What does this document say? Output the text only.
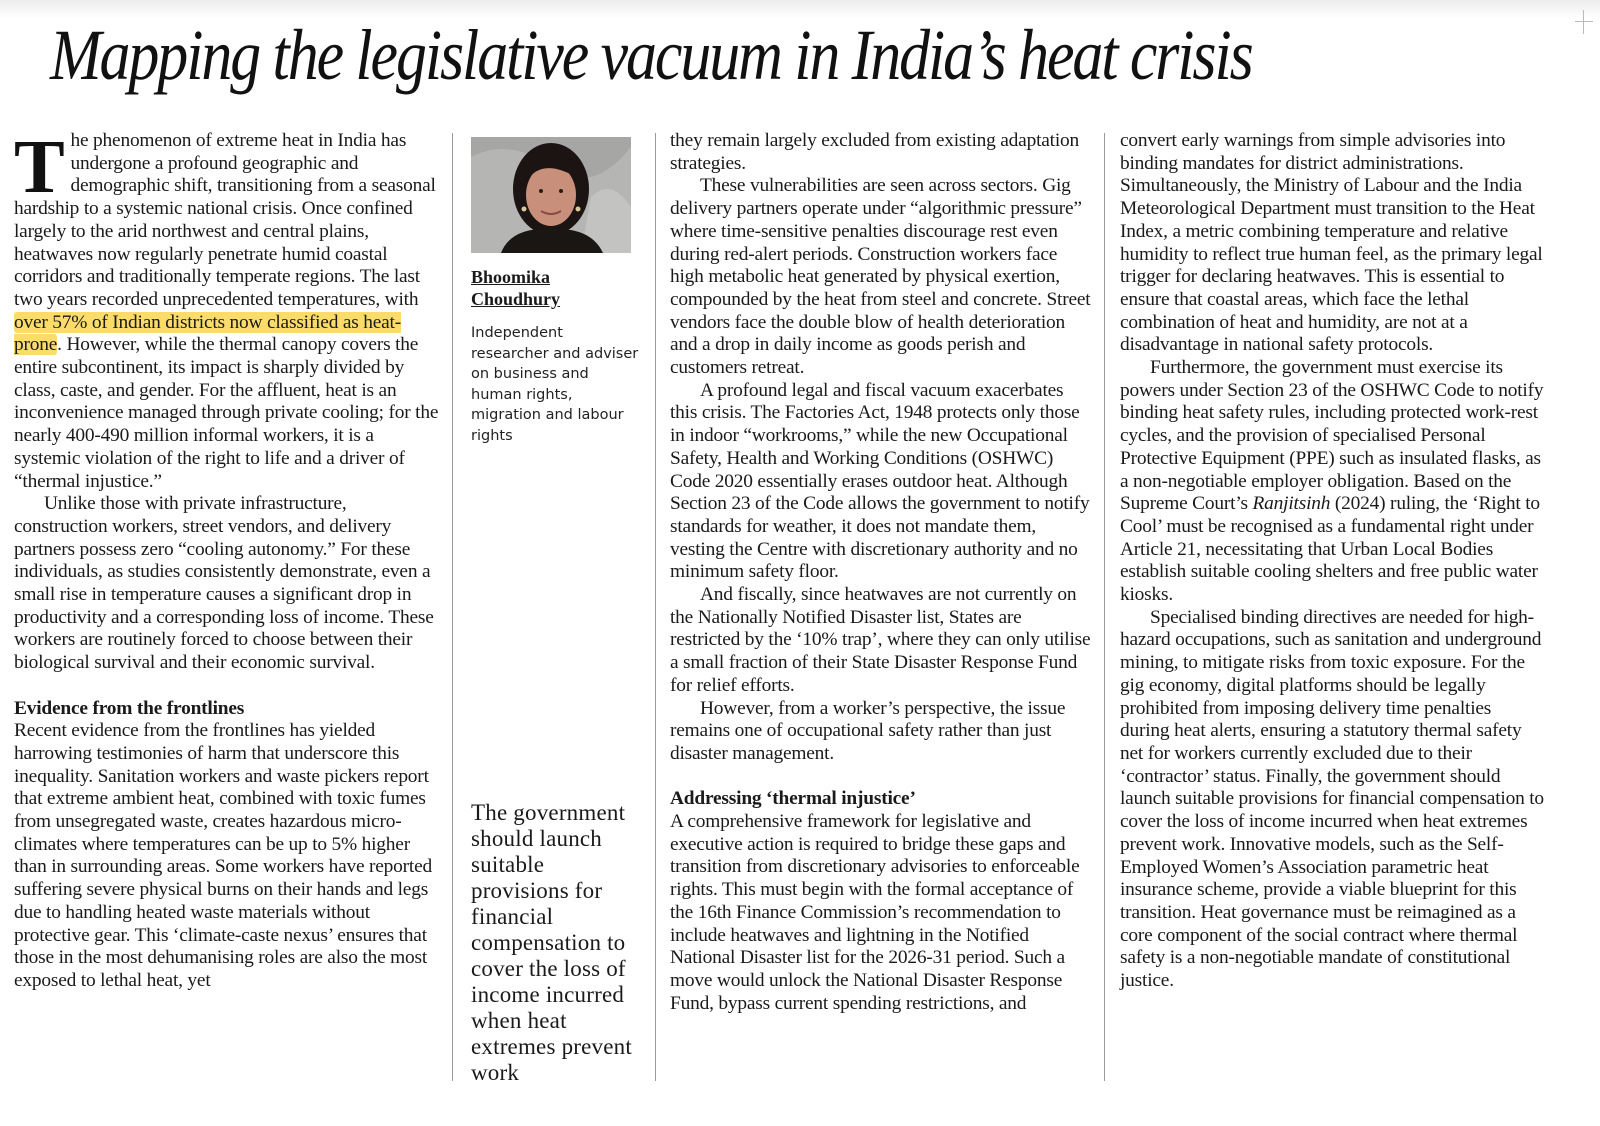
Mapping the legislative vacuum in India’s heat crisis

The phenomenon of extreme heat in India has undergone a profound geographic and demographic shift, transitioning from a seasonal hardship to a systemic national crisis. Once confined largely to the arid northwest and central plains, heatwaves now regularly penetrate humid coastal corridors and traditionally temperate regions. The last two years recorded unprecedented temperatures, with over 57% of Indian districts now classified as heat-prone. However, while the thermal canopy covers the entire subcontinent, its impact is sharply divided by class, caste, and gender. For the affluent, heat is an inconvenience managed through private cooling; for the nearly 400-490 million informal workers, it is a systemic violation of the right to life and a driver of “thermal injustice.”

Unlike those with private infrastructure, construction workers, street vendors, and delivery partners possess zero “cooling autonomy.” For these individuals, as studies consistently demonstrate, even a small rise in temperature causes a significant drop in productivity and a corresponding loss of income. These workers are routinely forced to choose between their biological survival and their economic survival.

Evidence from the frontlines

Recent evidence from the frontlines has yielded harrowing testimonies of harm that underscore this inequality. Sanitation workers and waste pickers report that extreme ambient heat, combined with toxic fumes from unsegregated waste, creates hazardous micro-climates where temperatures can be up to 5% higher than in surrounding areas. Some workers have reported suffering severe physical burns on their hands and legs due to handling heated waste materials without protective gear. This ‘climate-caste nexus’ ensures that those in the most dehumanising roles are also the most exposed to lethal heat, yet

Bhoomika
Choudhury
Independent researcher and adviser on business and human rights, migration and labour rights
The government should launch suitable provisions for financial compensation to cover the loss of income incurred when heat extremes prevent work

they remain largely excluded from existing adaptation strategies.

These vulnerabilities are seen across sectors. Gig delivery partners operate under “algorithmic pressure” where time-sensitive penalties discourage rest even during red-alert periods. Construction workers face high metabolic heat generated by physical exertion, compounded by the heat from steel and concrete. Street vendors face the double blow of health deterioration and a drop in daily income as goods perish and customers retreat.

A profound legal and fiscal vacuum exacerbates this crisis. The Factories Act, 1948 protects only those in indoor “workrooms,” while the new Occupational Safety, Health and Working Conditions (OSHWC) Code 2020 essentially erases outdoor heat. Although Section 23 of the Code allows the government to notify standards for weather, it does not mandate them, vesting the Centre with discretionary authority and no minimum safety floor.

And fiscally, since heatwaves are not currently on the Nationally Notified Disaster list, States are restricted by the ‘10% trap’, where they can only utilise a small fraction of their State Disaster Response Fund for relief efforts.

However, from a worker’s perspective, the issue remains one of occupational safety rather than just disaster management.

Addressing ‘thermal injustice’

A comprehensive framework for legislative and executive action is required to bridge these gaps and transition from discretionary advisories to enforceable rights. This must begin with the formal acceptance of the 16th Finance Commission’s recommendation to include heatwaves and lightning in the Notified National Disaster list for the 2026-31 period. Such a move would unlock the National Disaster Response Fund, bypass current spending restrictions, and

convert early warnings from simple advisories into binding mandates for district administrations. Simultaneously, the Ministry of Labour and the India Meteorological Department must transition to the Heat Index, a metric combining temperature and relative humidity to reflect true human feel, as the primary legal trigger for declaring heatwaves. This is essential to ensure that coastal areas, which face the lethal combination of heat and humidity, are not at a disadvantage in national safety protocols.

Furthermore, the government must exercise its powers under Section 23 of the OSHWC Code to notify binding heat safety rules, including protected work-rest cycles, and the provision of specialised Personal Protective Equipment (PPE) such as insulated flasks, as a non-negotiable employer obligation. Based on the Supreme Court’s Ranjitsinh (2024) ruling, the ‘Right to Cool’ must be recognised as a fundamental right under Article 21, necessitating that Urban Local Bodies establish suitable cooling shelters and free public water kiosks.

Specialised binding directives are needed for high-hazard occupations, such as sanitation and underground mining, to mitigate risks from toxic exposure. For the gig economy, digital platforms should be legally prohibited from imposing delivery time penalties during heat alerts, ensuring a statutory thermal safety net for workers currently excluded due to their ‘contractor’ status. Finally, the government should launch suitable provisions for financial compensation to cover the loss of income incurred when heat extremes prevent work. Innovative models, such as the Self-Employed Women’s Association parametric heat insurance scheme, provide a viable blueprint for this transition. Heat governance must be reimagined as a core component of the social contract where thermal safety is a non-negotiable mandate of constitutional justice.
